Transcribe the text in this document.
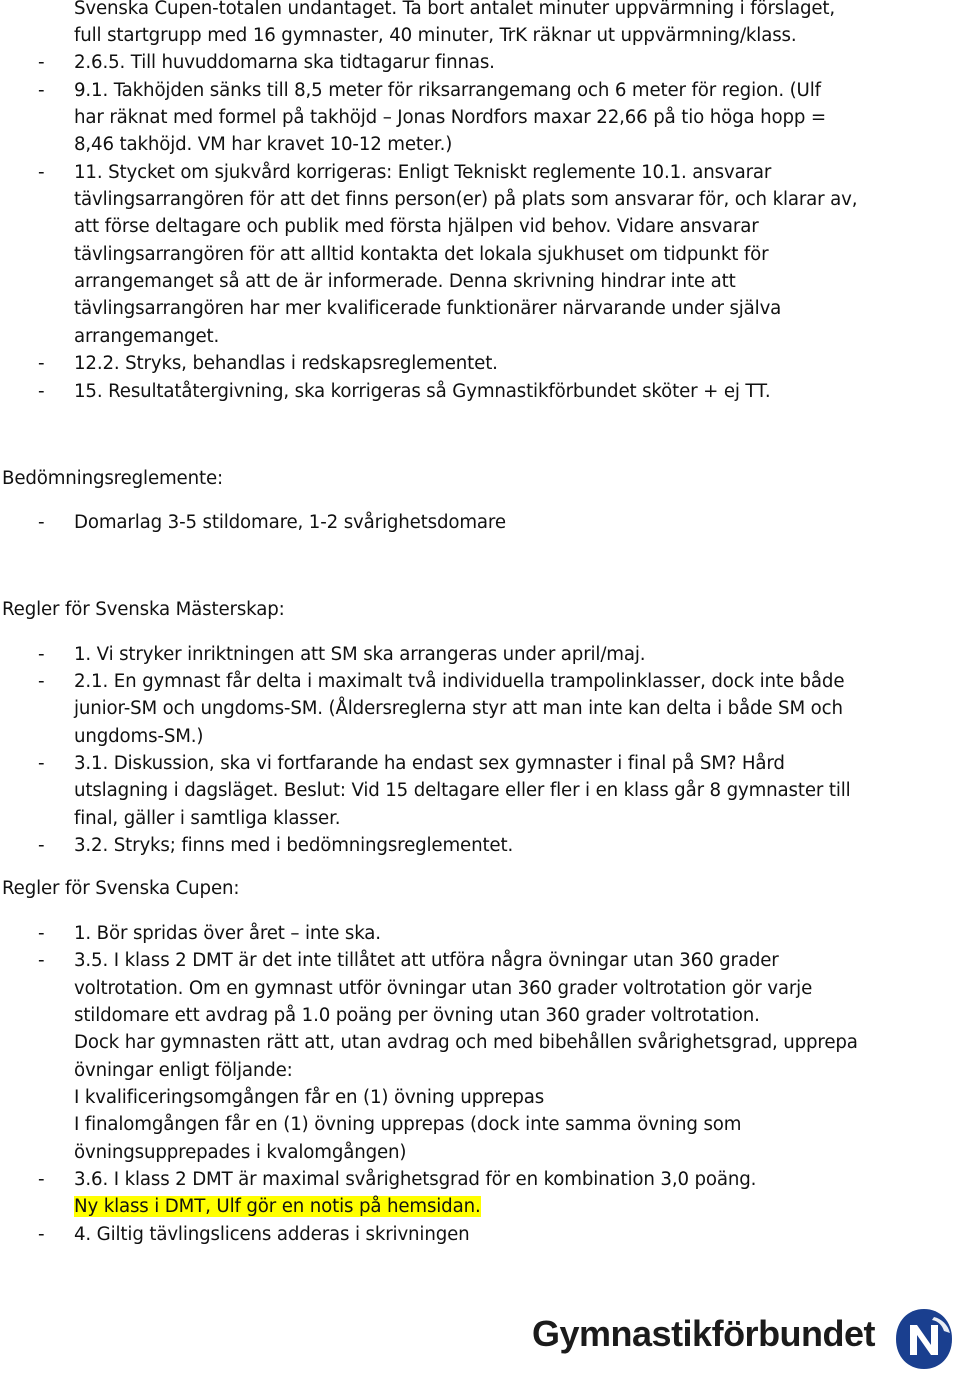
Svenska Cupen-totalen undantaget. Ta bort antalet minuter uppvärmning i förslaget,

full startgrupp med 16 gymnaster, 40 minuter, TrK räknar ut uppvärmning/klass.

- 2.6.5. Till huvuddomarna ska tidtagarur finnas.

- 9.1. Takhöjden sänks till 8,5 meter för riksarrangemang och 6 meter för region. (Ulf

har räknat med formel på takhöjd – Jonas Nordfors maxar 22,66 på tio höga hopp =

8,46 takhöjd. VM har kravet 10-12 meter.)

- 11. Stycket om sjukvård korrigeras: Enligt Tekniskt reglemente 10.1. ansvarar

tävlingsarrangören för att det finns person(er) på plats som ansvarar för, och klarar av,

att förse deltagare och publik med första hjälpen vid behov. Vidare ansvarar

tävlingsarrangören för att alltid kontakta det lokala sjukhuset om tidpunkt för

arrangemanget så att de är informerade. Denna skrivning hindrar inte att

tävlingsarrangören har mer kvalificerade funktionärer närvarande under själva

arrangemanget.

- 12.2. Stryks, behandlas i redskapsreglementet.

- 15. Resultatåtergivning, ska korrigeras så Gymnastikförbundet sköter + ej TT.

Bedömningsreglemente:

- Domarlag 3-5 stildomare, 1-2 svårighetsdomare

Regler för Svenska Mästerskap:

- 1. Vi stryker inriktningen att SM ska arrangeras under april/maj.

- 2.1. En gymnast får delta i maximalt två individuella trampolinklasser, dock inte både

junior-SM och ungdoms-SM. (Åldersreglerna styr att man inte kan delta i både SM och

ungdoms-SM.)

- 3.1. Diskussion, ska vi fortfarande ha endast sex gymnaster i final på SM? Hård

utslagning i dagsläget. Beslut: Vid 15 deltagare eller fler i en klass går 8 gymnaster till

final, gäller i samtliga klasser.

- 3.2. Stryks; finns med i bedömningsreglementet.

Regler för Svenska Cupen:

- 1. Bör spridas över året – inte ska.

- 3.5. I klass 2 DMT är det inte tillåtet att utföra några övningar utan 360 grader

voltrotation. Om en gymnast utför övningar utan 360 grader voltrotation gör varje

stildomare ett avdrag på 1.0 poäng per övning utan 360 grader voltrotation.

Dock har gymnasten rätt att, utan avdrag och med bibehållen svårighetsgrad, upprepa

övningar enligt följande:

I kvalificeringsomgången får en (1) övning upprepas

I finalomgången får en (1) övning upprepas (dock inte samma övning som

övningsupprepades i kvalomgången)

- 3.6. I klass 2 DMT är maximal svårighetsgrad för en kombination 3,0 poäng.

Ny klass i DMT, Ulf gör en notis på hemsidan.

- 4. Giltig tävlingslicens adderas i skrivningen

Gymnastikförbundet
